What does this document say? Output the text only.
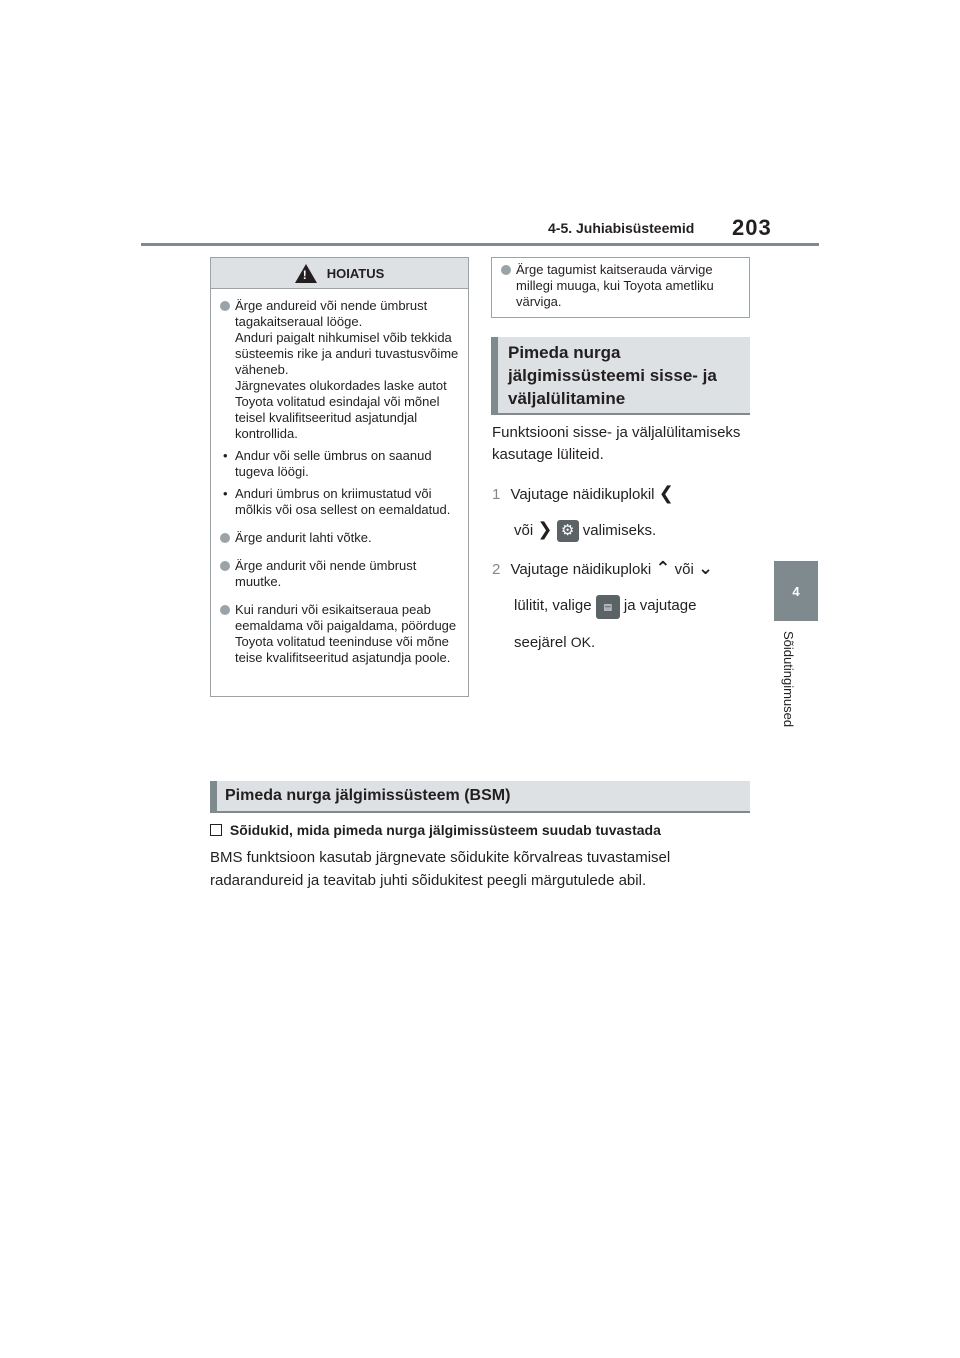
4-5. Juhiabisüsteemid 203
4
Sõidutingimused
!
HOIATUS
Ärge andureid või nende ümbrust tagakaitseraual lööge.
Anduri paigalt nihkumisel võib tekkida süsteemis rike ja anduri tuvastusvõime väheneb.
Järgnevates olukordades laske autot Toyota volitatud esindajal või mõnel teisel kvalifitseeritud asjatundjal kontrollida.
• Andur või selle ümbrus on saanud tugeva löögi.
• Anduri ümbrus on kriimustatud või mõlkis või osa sellest on eemaldatud.
Ärge andurit lahti võtke.
Ärge andurit või nende ümbrust muutke.
Kui randuri või esikaitseraua peab eemaldama või paigaldama, pöörduge Toyota volitatud teeninduse või mõne teise kvalifitseeritud asjatundja poole.
Ärge tagumist kaitserauda värvige millegi muuga, kui Toyota ametliku värviga.
Pimeda nurga jälgimissüsteemi sisse- ja väljalülitamine
Funktsiooni sisse- ja väljalülitamiseks kasutage lüliteid.
1 Vajutage näidikuplokil ❮
või ❯ ⚙ valimiseks.
2 Vajutage näidikuploki ⌃ või ⌄
lülitit, valige ▤ ja vajutage
seejärel OK.
Pimeda nurga jälgimissüsteem (BSM)
Sõidukid, mida pimeda nurga jälgimissüsteem suudab tuvastada
BMS funktsioon kasutab järgnevate sõidukite kõrvalreas tuvastamisel radarandureid ja teavitab juhti sõidukitest peegli märgutulede abil.
